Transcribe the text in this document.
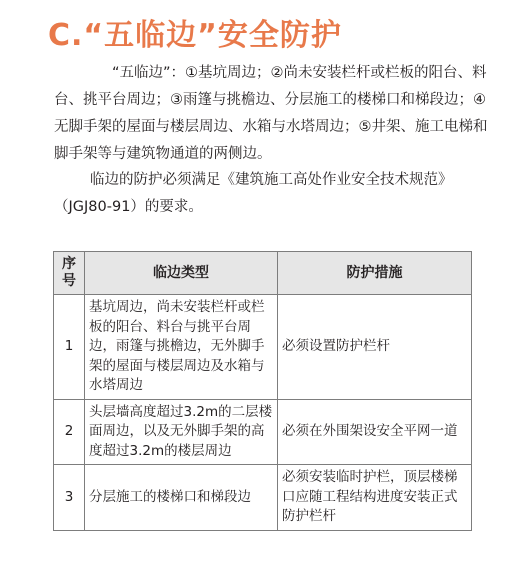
C.“五临边”安全防护

“五临边”：①基坑周边；②尚未安装栏杆或栏板的阳台、料台、挑平台周边；③雨篷与挑檐边、分层施工的楼梯口和梯段边；④无脚手架的屋面与楼层周边、水箱与水塔周边；⑤井架、施工电梯和脚手架等与建筑物通道的两侧边。

临边的防护必须满足《建筑施工高处作业安全技术规范》（JGJ80-91）的要求。

序号	临边类型	防护措施
1	基坑周边，尚未安装栏杆或栏板的阳台、料台与挑平台周边，雨篷与挑檐边，无外脚手架的屋面与楼层周边及水箱与水塔周边	必须设置防护栏杆
2	头层墙高度超过3.2m的二层楼面周边，以及无外脚手架的高度超过3.2m的楼层周边	必须在外围架设安全平网一道
3	分层施工的楼梯口和梯段边	必须安装临时护栏，顶层楼梯口应随工程结构进度安装正式防护栏杆
